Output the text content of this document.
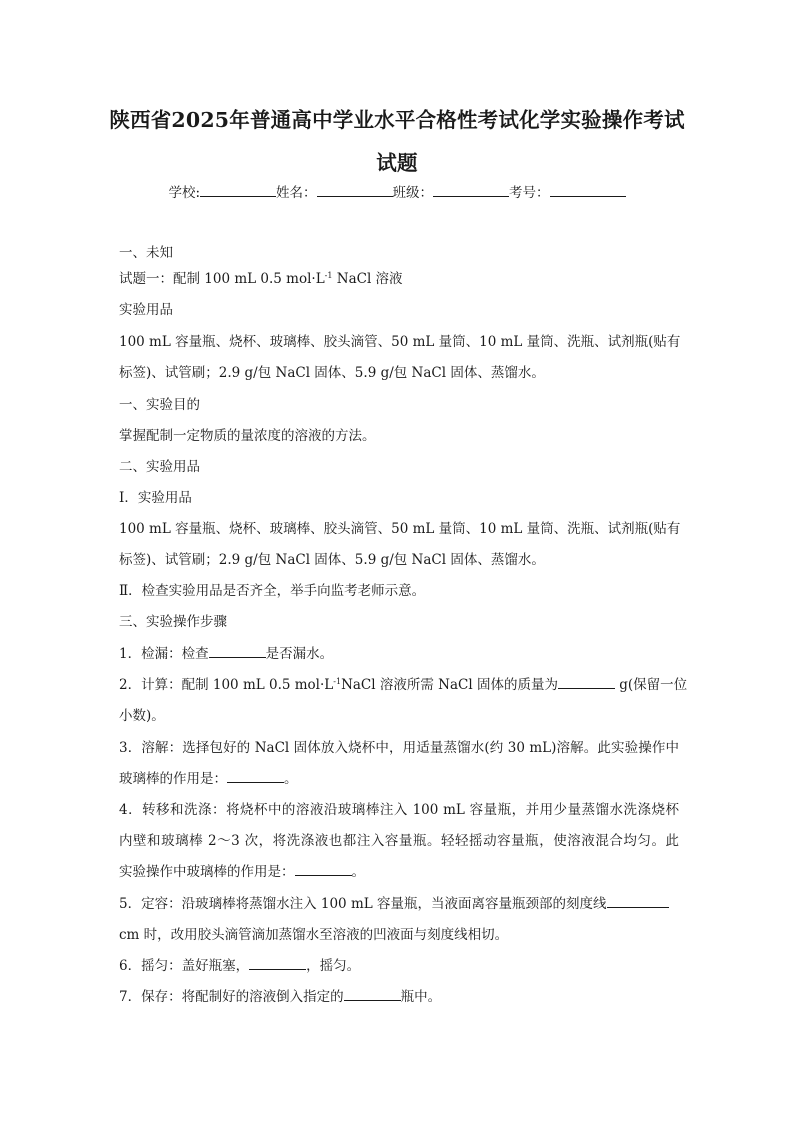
陕西省2025年普通高中学业水平合格性考试化学实验操作考试
试题
学校:	姓名：	班级：	考号：
一、未知
试题一：配制 100 mL 0.5 $mol\cdot L^{-1}$ NaCl 溶液
实验用品
100 mL 容量瓶、烧杯、玻璃棒、胶头滴管、50 mL 量筒、10 mL 量筒、洗瓶、试剂瓶(贴有
标签)、试管刷；2.9 g/包 NaCl 固体、5.9 g/包 NaCl 固体、蒸馏水。
一、实验目的
掌握配制一定物质的量浓度的溶液的方法。
二、实验用品
Ⅰ．实验用品
100 mL 容量瓶、烧杯、玻璃棒、胶头滴管、50 mL 量筒、10 mL 量筒、洗瓶、试剂瓶(贴有
标签)、试管刷；2.9 g/包 NaCl 固体、5.9 g/包 NaCl 固体、蒸馏水。
Ⅱ．检查实验用品是否齐全，举手向监考老师示意。
三、实验操作步骤
1．检漏：检查	是否漏水。
2．计算：配制 100 mL 0.5 $mol\cdot L^{-1}NaCl$ 溶液所需 NaCl 固体的质量为	g(保留一位
小数)。
3．溶解：选择包好的 NaCl 固体放入烧杯中，用适量蒸馏水(约 30 mL)溶解。此实验操作中
玻璃棒的作用是：	。
4．转移和洗涤：将烧杯中的溶液沿玻璃棒注入 100 mL 容量瓶，并用少量蒸馏水洗涤烧杯
内壁和玻璃棒 2～3 次，将洗涤液也都注入容量瓶。轻轻摇动容量瓶，使溶液混合均匀。此
实验操作中玻璃棒的作用是：	。
5．定容：沿玻璃棒将蒸馏水注入 100 mL 容量瓶，当液面离容量瓶颈部的刻度线
cm 时，改用胶头滴管滴加蒸馏水至溶液的凹液面与刻度线相切。
6．摇匀：盖好瓶塞，	，摇匀。
7．保存：将配制好的溶液倒入指定的	瓶中。
